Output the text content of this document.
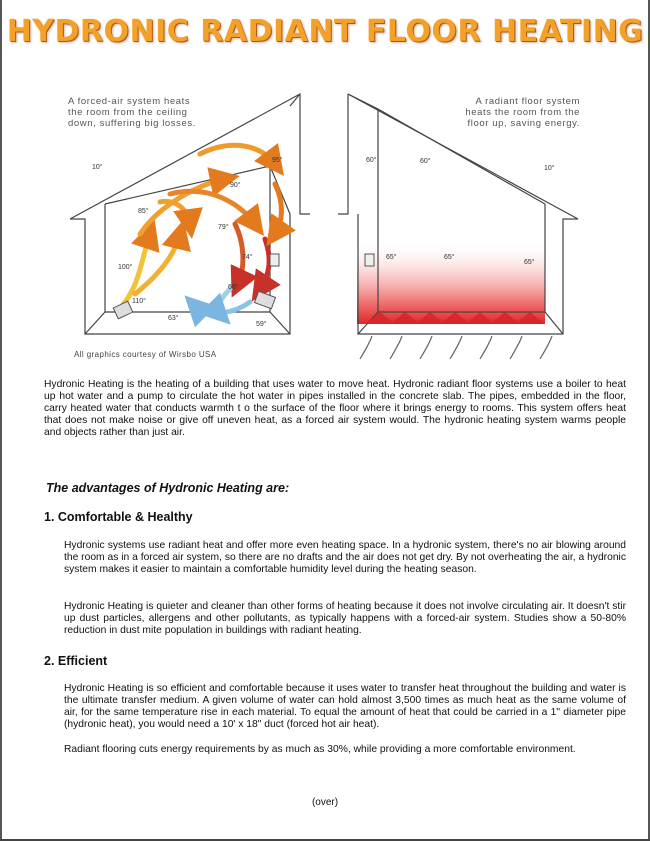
HYDRONIC RADIANT FLOOR HEATING
A forced-air system heats
the room from the ceiling
down, suffering big losses.
A radiant floor system
heats the room from the
floor up, saving energy.
10°
95°
90°
85°
79°
74°
100°
68°
110°
63°
59°
60°	60°
10°
65°	65°
65°
All graphics courtesy of Wirsbo USA
Hydronic Heating is the heating of a building that uses water to move heat. Hydronic radiant floor systems use a boiler to heat up hot water and a pump to circulate the hot water in pipes installed in the concrete slab. The pipes, embedded in the floor, carry heated water that conducts warmth t o the surface of the floor where it brings energy to rooms. This system offers heat that does not make noise or give off uneven heat, as a forced air system would. The hydronic heating system warms people and objects rather than just air.
The advantages of Hydronic Heating are:
1. Comfortable & Healthy
Hydronic systems use radiant heat and offer more even heating space. In a hydronic system, there's no air blowing around the room as in a forced air system, so there are no drafts and the air does not get dry. By not overheating the air, a hydronic system makes it easier to maintain a comfortable humidity level during the heating season.
Hydronic Heating is quieter and cleaner than other forms of heating because it does not involve circulating air. It doesn't stir up dust particles, allergens and other pollutants, as typically happens with a forced-air system. Studies show a 50-80% reduction in dust mite population in buildings with radiant heating.
2. Efficient
Hydronic Heating is so efficient and comfortable because it uses water to transfer heat throughout the building and water is the ultimate transfer medium. A given volume of water can hold almost 3,500 times as much heat as the same volume of air, for the same temperature rise in each material. To equal the amount of heat that could be carried in a 1" diameter pipe (hydronic heat), you would need a 10' x 18" duct (forced hot air heat).
Radiant flooring cuts energy requirements by as much as 30%, while providing a more comfortable environment.
(over)
